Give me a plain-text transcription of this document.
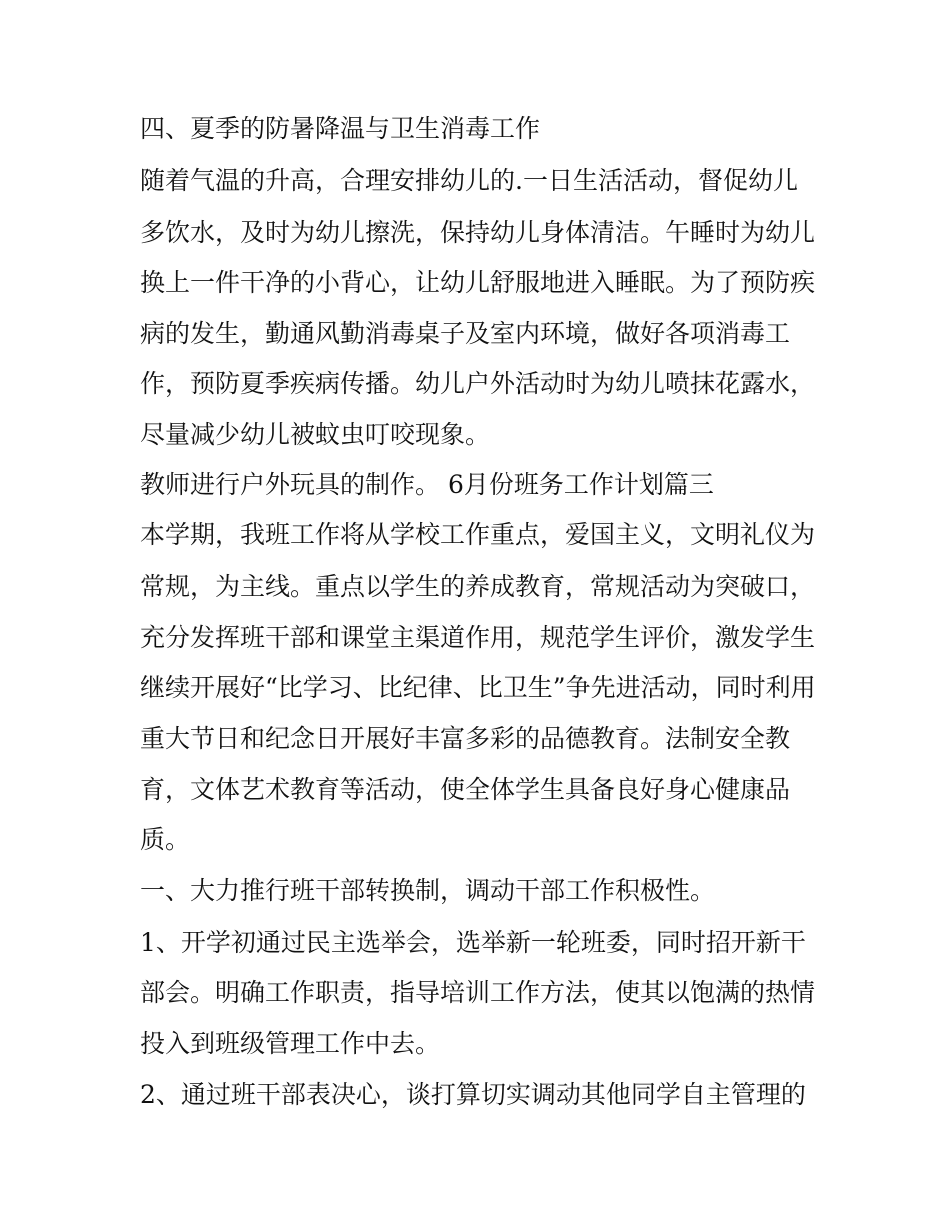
四、夏季的防暑降温与卫生消毒工作
随着气温的升高，合理安排幼儿的.一日生活活动，督促幼儿
多饮水，及时为幼儿擦洗，保持幼儿身体清洁。午睡时为幼儿
换上一件干净的小背心，让幼儿舒服地进入睡眠。为了预防疾
病的发生，勤通风勤消毒桌子及室内环境，做好各项消毒工
作，预防夏季疾病传播。幼儿户外活动时为幼儿喷抹花露水，
尽量减少幼儿被蚊虫叮咬现象。
教师进行户外玩具的制作。 6月份班务工作计划篇三
本学期，我班工作将从学校工作重点，爱国主义，文明礼仪为
常规，为主线。重点以学生的养成教育，常规活动为突破口，
充分发挥班干部和课堂主渠道作用，规范学生评价，激发学生
继续开展好“比学习、比纪律、比卫生”争先进活动，同时利用
重大节日和纪念日开展好丰富多彩的品德教育。法制安全教
育，文体艺术教育等活动，使全体学生具备良好身心健康品
质。
一、大力推行班干部转换制，调动干部工作积极性。
1、开学初通过民主选举会，选举新一轮班委，同时招开新干
部会。明确工作职责，指导培训工作方法，使其以饱满的热情
投入到班级管理工作中去。
2、通过班干部表决心，谈打算切实调动其他同学自主管理的
